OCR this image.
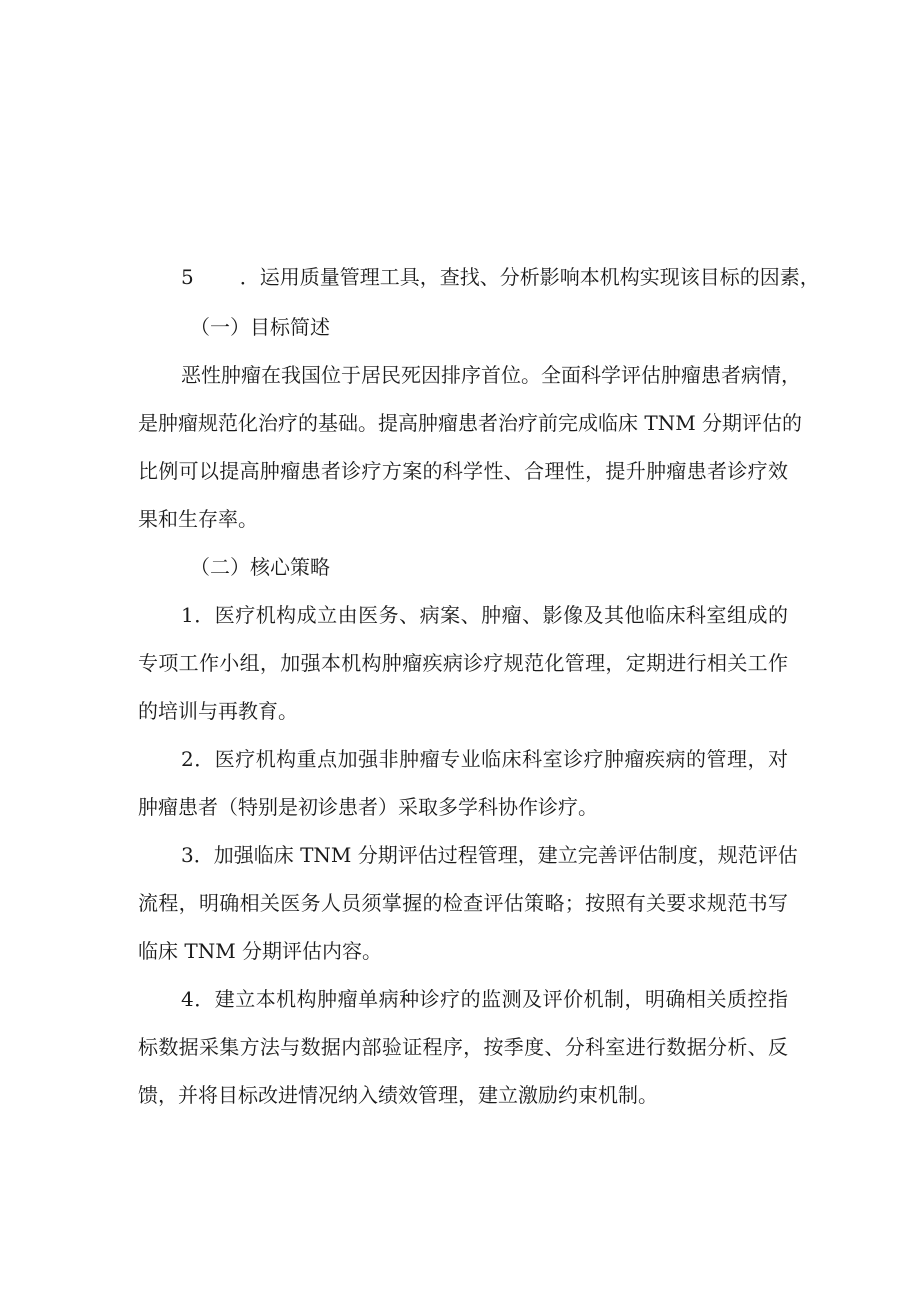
5 ．运用质量管理工具，查找、分析影响本机构实现该目标的因素，
（一）目标简述
恶性肿瘤在我国位于居民死因排序首位。全面科学评估肿瘤患者病情，
是肿瘤规范化治疗的基础。提高肿瘤患者治疗前完成临床 TNM 分期评估的
比例可以提高肿瘤患者诊疗方案的科学性、合理性，提升肿瘤患者诊疗效
果和生存率。
（二）核心策略
1．医疗机构成立由医务、病案、肿瘤、影像及其他临床科室组成的
专项工作小组，加强本机构肿瘤疾病诊疗规范化管理，定期进行相关工作
的培训与再教育。
2．医疗机构重点加强非肿瘤专业临床科室诊疗肿瘤疾病的管理，对
肿瘤患者（特别是初诊患者）采取多学科协作诊疗。
3．加强临床 TNM 分期评估过程管理，建立完善评估制度，规范评估
流程，明确相关医务人员须掌握的检查评估策略；按照有关要求规范书写
临床 TNM 分期评估内容。
4．建立本机构肿瘤单病种诊疗的监测及评价机制，明确相关质控指
标数据采集方法与数据内部验证程序，按季度、分科室进行数据分析、反
馈，并将目标改进情况纳入绩效管理，建立激励约束机制。
